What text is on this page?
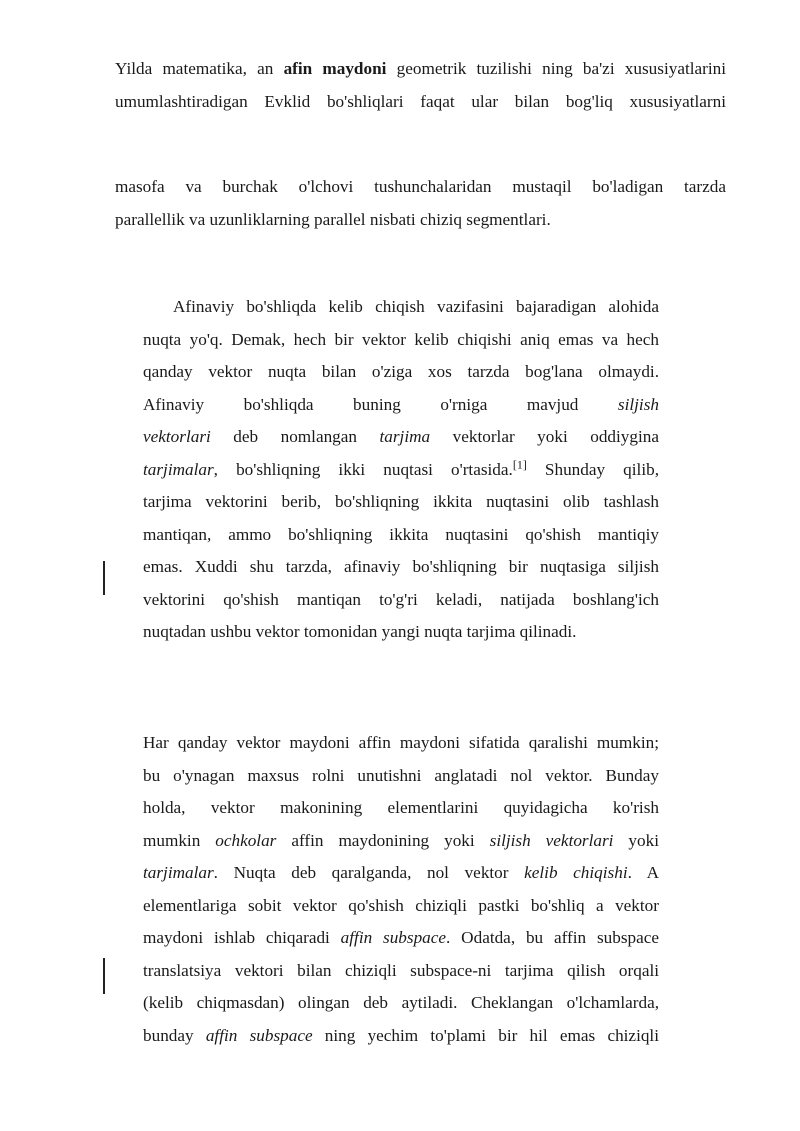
Yilda matematika, an afin maydoni geometrik tuzilishi ning ba'zi xususiyatlarini
umumlashtiradigan Evklid bo'shliqlari faqat ular bilan bog'liq xususiyatlarni
masofa va burchak o'lchovi tushunchalaridan mustaqil bo'ladigan tarzda
parallellik va uzunliklarning parallel nisbati chiziq segmentlari.
Afinaviy bo'shliqda kelib chiqish vazifasini bajaradigan alohida
nuqta yo'q. Demak, hech bir vektor kelib chiqishi aniq emas va hech
qanday vektor nuqta bilan o'ziga xos tarzda bog'lana olmaydi.
Afinaviy bo'shliqda buning o'rniga mavjud siljish
vektorlari deb nomlangan tarjima vektorlar yoki oddiygina
tarjimalar, bo'shliqning ikki nuqtasi o'rtasida.[1] Shunday qilib,
tarjima vektorini berib, bo'shliqning ikkita nuqtasini olib tashlash
mantiqan, ammo bo'shliqning ikkita nuqtasini qo'shish mantiqiy
emas. Xuddi shu tarzda, afinaviy bo'shliqning bir nuqtasiga siljish
vektorini qo'shish mantiqan to'g'ri keladi, natijada boshlang'ich
nuqtadan ushbu vektor tomonidan yangi nuqta tarjima qilinadi.
Har qanday vektor maydoni affin maydoni sifatida qaralishi mumkin;
bu o'ynagan maxsus rolni unutishni anglatadi nol vektor. Bunday
holda, vektor makonining elementlarini quyidagicha ko'rish
mumkin ochkolar affin maydonining yoki siljish vektorlari yoki
tarjimalar. Nuqta deb qaralganda, nol vektor kelib chiqishi. A
elementlariga sobit vektor qo'shish chiziqli pastki bo'shliq a vektor
maydoni ishlab chiqaradi affin subspace. Odatda, bu affin subspace
translatsiya vektori bilan chiziqli subspace-ni tarjima qilish orqali
(kelib chiqmasdan) olingan deb aytiladi. Cheklangan o'lchamlarda,
bunday affin subspace ning yechim to'plami bir hil emas chiziqli
